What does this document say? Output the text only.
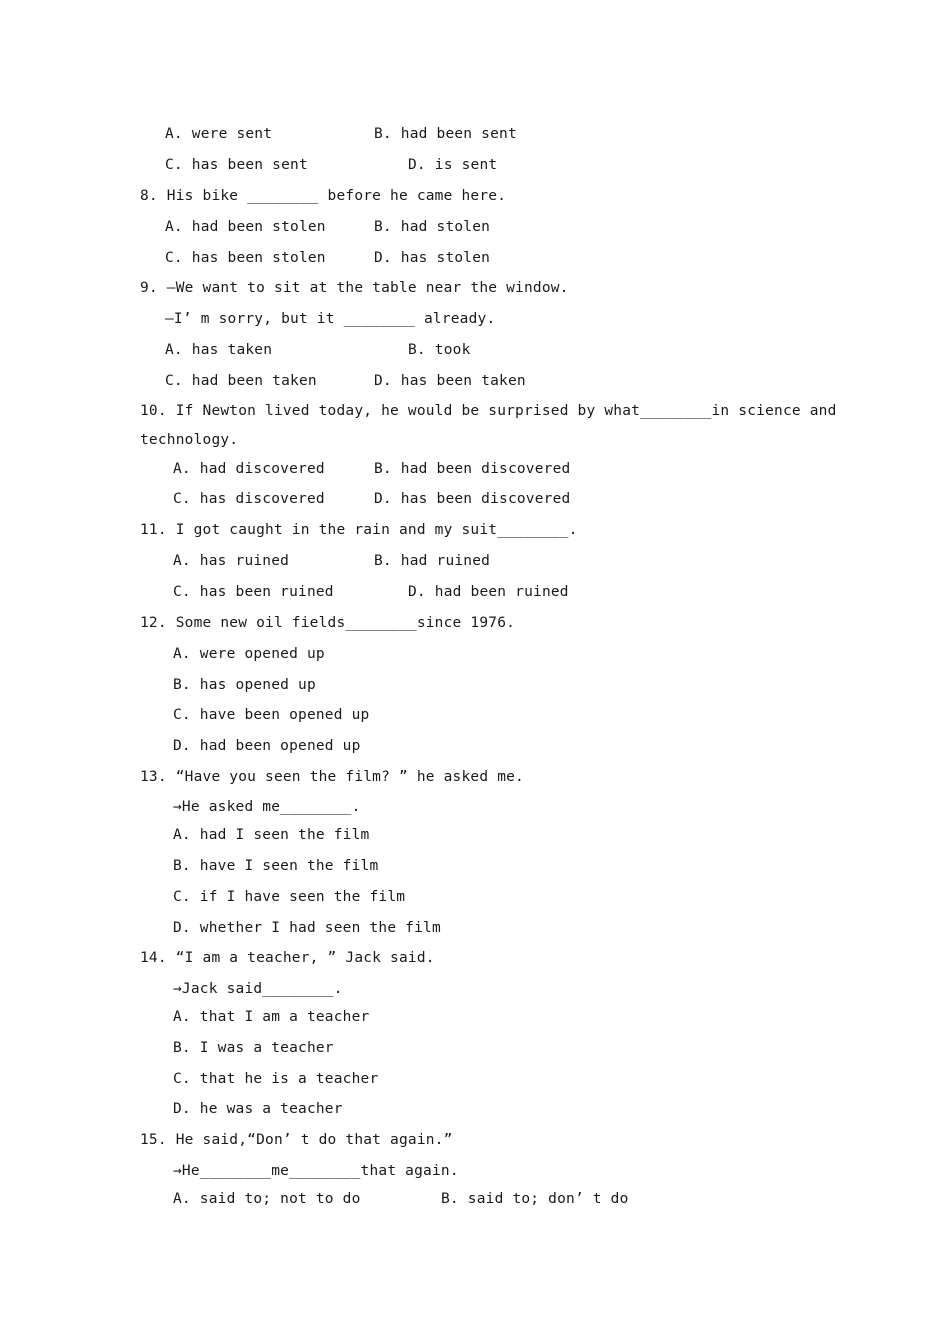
A. were sent	B. had been sent
C. has been sent	D. is sent
8. His bike ________ before he came here.
A. had been stolen	B. had stolen
C. has been stolen	D. has stolen
9. —We want to sit at the table near the window.
—I’ m sorry, but it ________ already.
A. has taken	B. took
C. had been taken	D. has been taken
10. If Newton lived today, he would be surprised by what________in science and
technology.
A. had discovered	B. had been discovered
C. has discovered	D. has been discovered
11. I got caught in the rain and my suit________.
A. has ruined	B. had ruined
C. has been ruined	D. had been ruined
12. Some new oil fields________since 1976.
A. were opened up
B. has opened up
C. have been opened up
D. had been opened up
13. “Have you seen the film? ” he asked me.
→He asked me________.
A. had I seen the film
B. have I seen the film
C. if I have seen the film
D. whether I had seen the film
14. “I am a teacher, ” Jack said.
→Jack said________.
A. that I am a teacher
B. I was a teacher
C. that he is a teacher
D. he was a teacher
15. He said,“Don’ t do that again.”
→He________me________that again.
A. said to; not to do	B. said to; don’ t do
